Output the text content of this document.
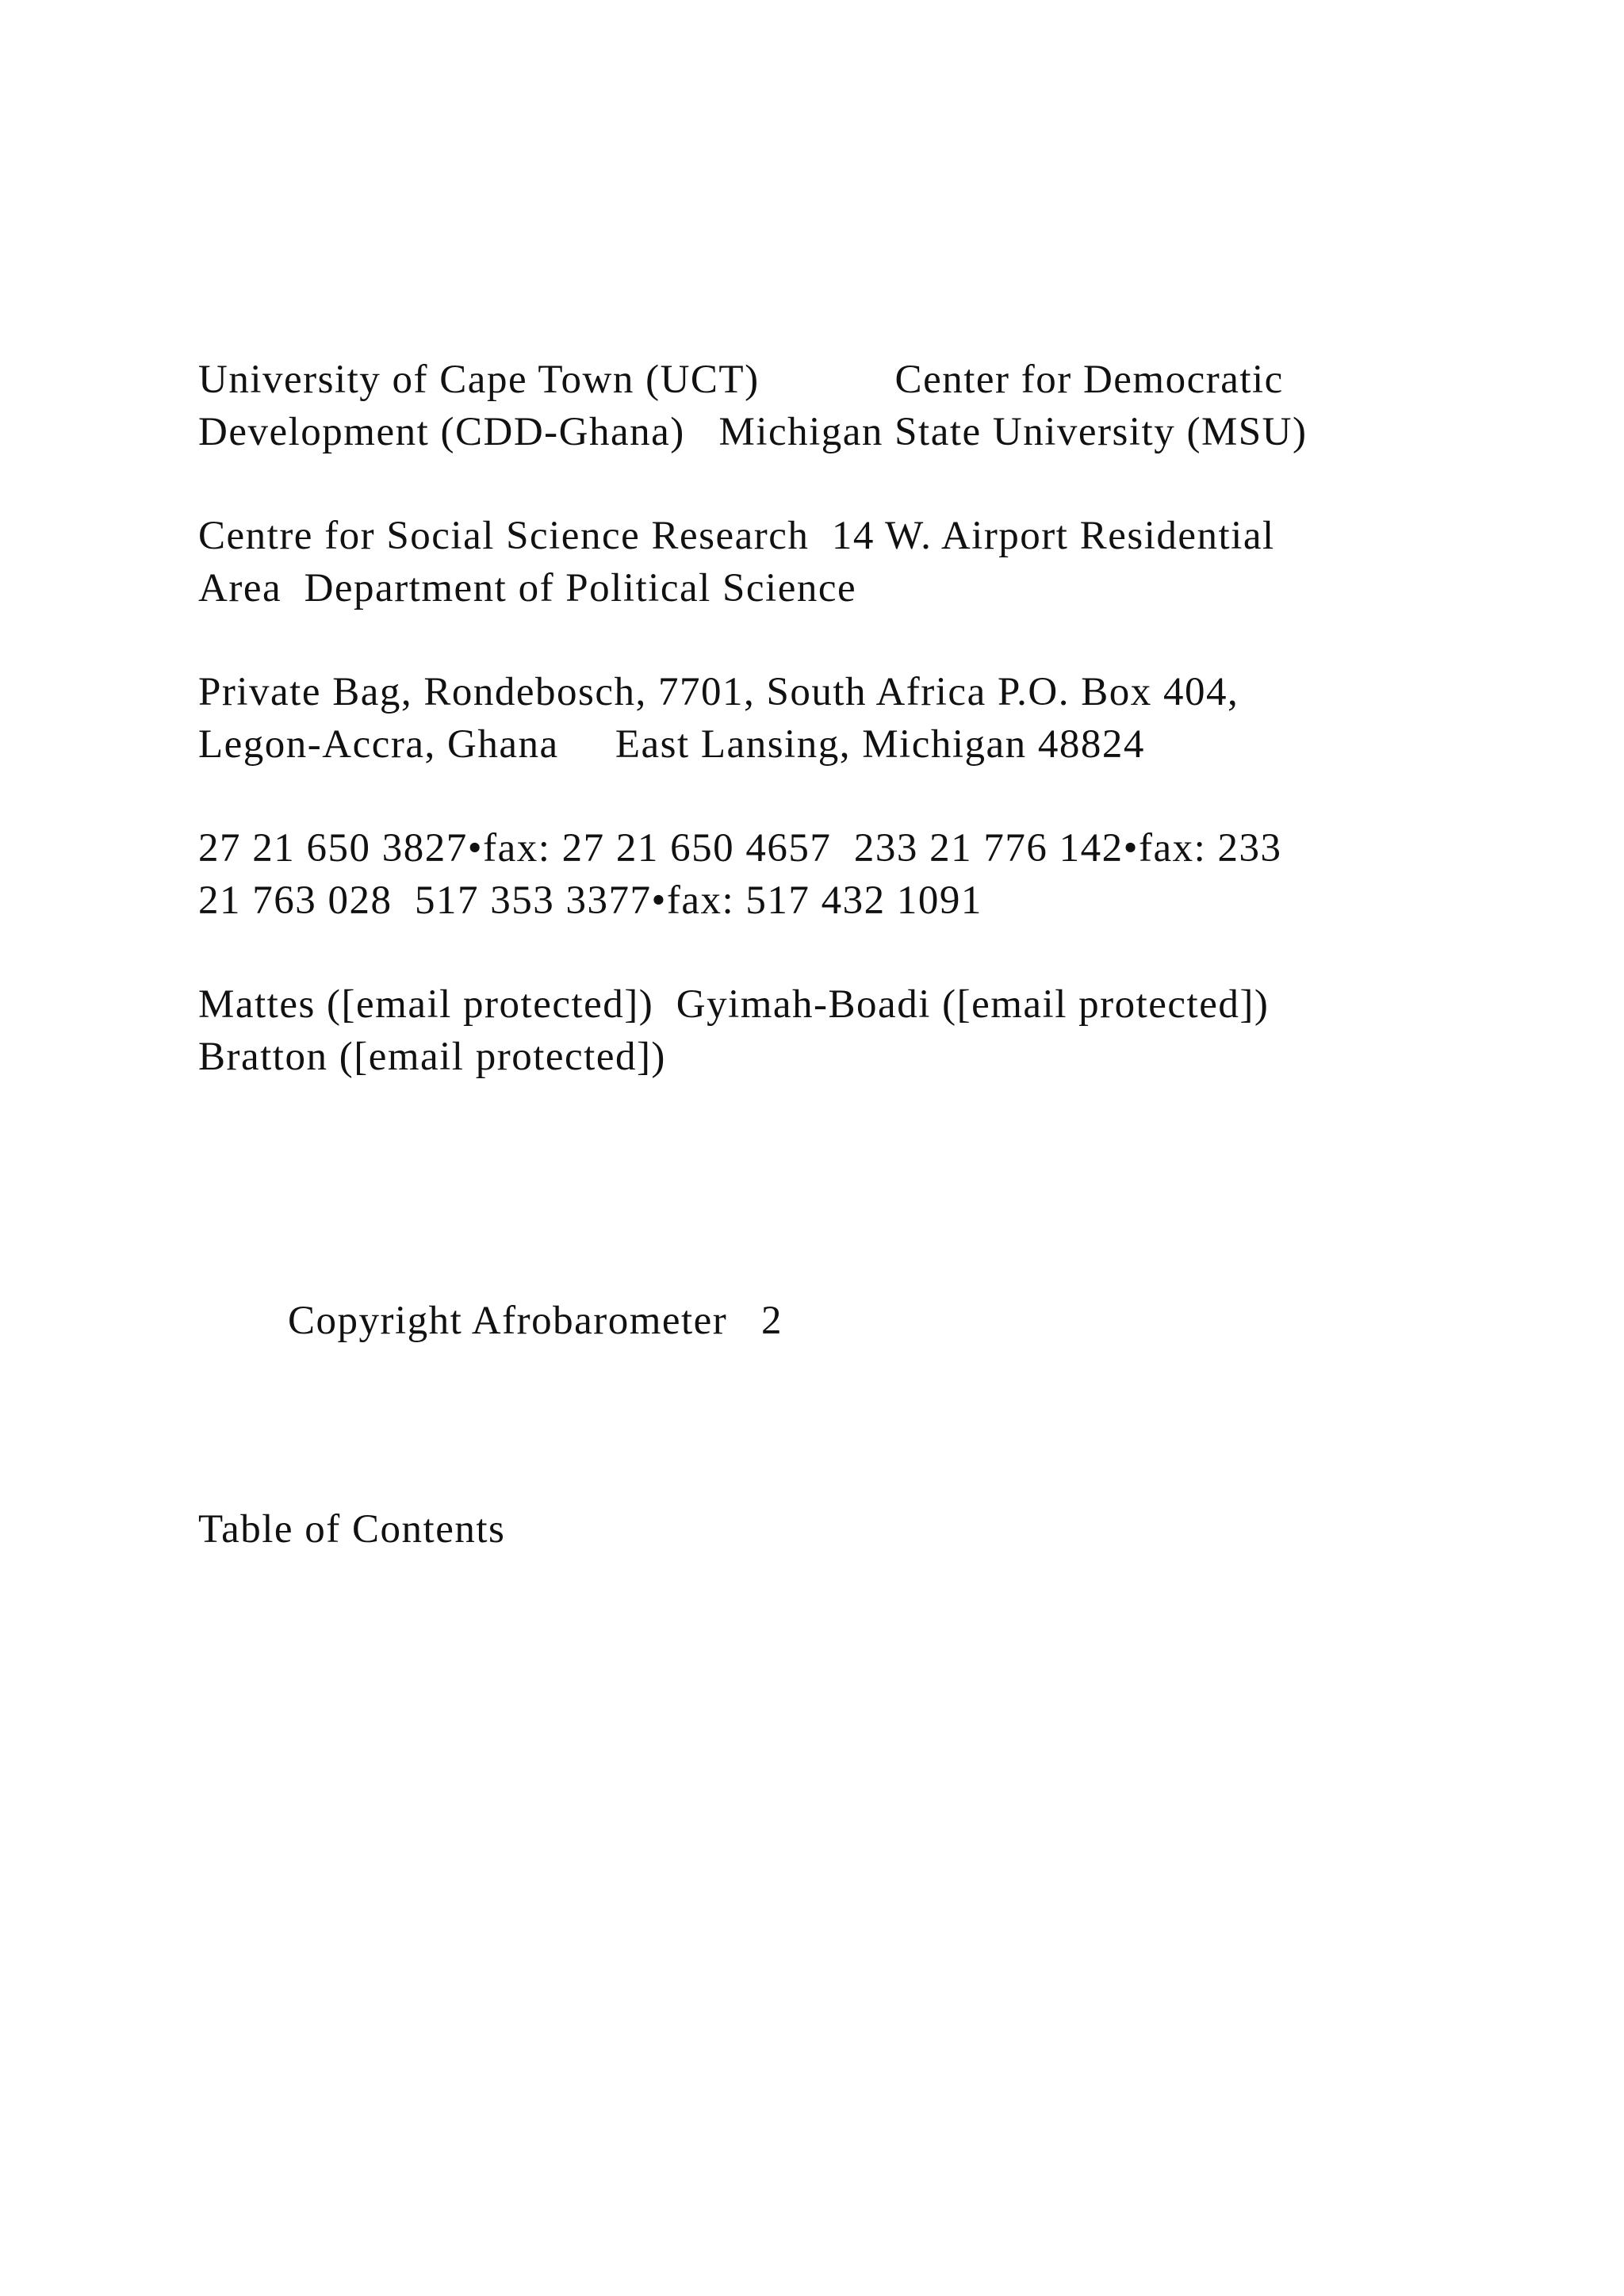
University of Cape Town (UCT)            Center for Democratic
Development (CDD-Ghana)   Michigan State University (MSU)
Centre for Social Science Research  14 W. Airport Residential
Area  Department of Political Science
Private Bag, Rondebosch, 7701, South Africa P.O. Box 404,
Legon-Accra, Ghana     East Lansing, Michigan 48824
27 21 650 3827•fax: 27 21 650 4657  233 21 776 142•fax: 233
21 763 028  517 353 3377•fax: 517 432 1091
Mattes ([email protected])  Gyimah-Boadi ([email protected])
Bratton ([email protected])
Copyright Afrobarometer   2
Table of Contents
